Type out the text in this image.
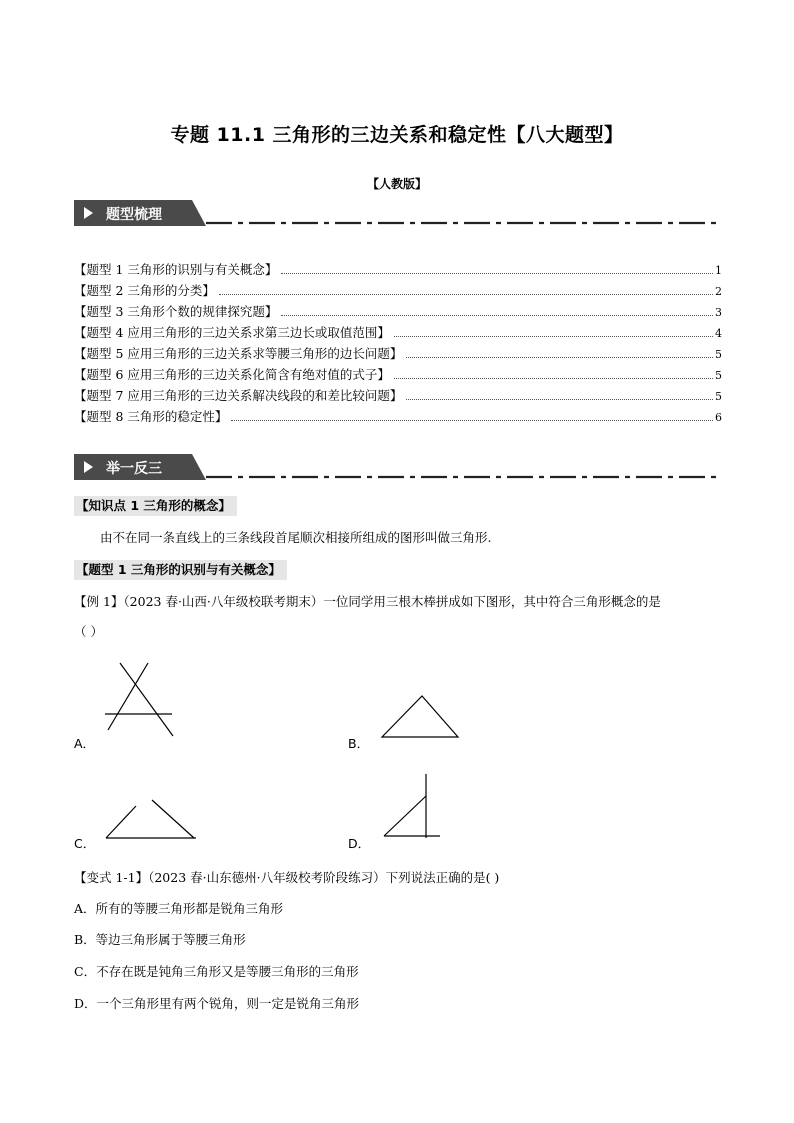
专题 11.1 三角形的三边关系和稳定性【八大题型】
【人教版】
题型梳理
【题型 1 三角形的识别与有关概念】	1
【题型 2 三角形的分类】	2
【题型 3 三角形个数的规律探究题】	3
【题型 4 应用三角形的三边关系求第三边长或取值范围】	4
【题型 5 应用三角形的三边关系求等腰三角形的边长问题】	5
【题型 6 应用三角形的三边关系化简含有绝对值的式子】	5
【题型 7 应用三角形的三边关系解决线段的和差比较问题】	5
【题型 8 三角形的稳定性】	6
举一反三
【知识点 1 三角形的概念】
由不在同一条直线上的三条线段首尾顺次相接所组成的图形叫做三角形.
【题型 1 三角形的识别与有关概念】
【例 1】（2023 春·山西·八年级校联考期末）一位同学用三根木棒拼成如下图形，其中符合三角形概念的是
（ ）
A．	B．
C．	D．
【变式 1-1】（2023 春·山东德州·八年级校考阶段练习）下列说法正确的是( )
A．所有的等腰三角形都是锐角三角形
B．等边三角形属于等腰三角形
C．不存在既是钝角三角形又是等腰三角形的三角形
D．一个三角形里有两个锐角，则一定是锐角三角形
